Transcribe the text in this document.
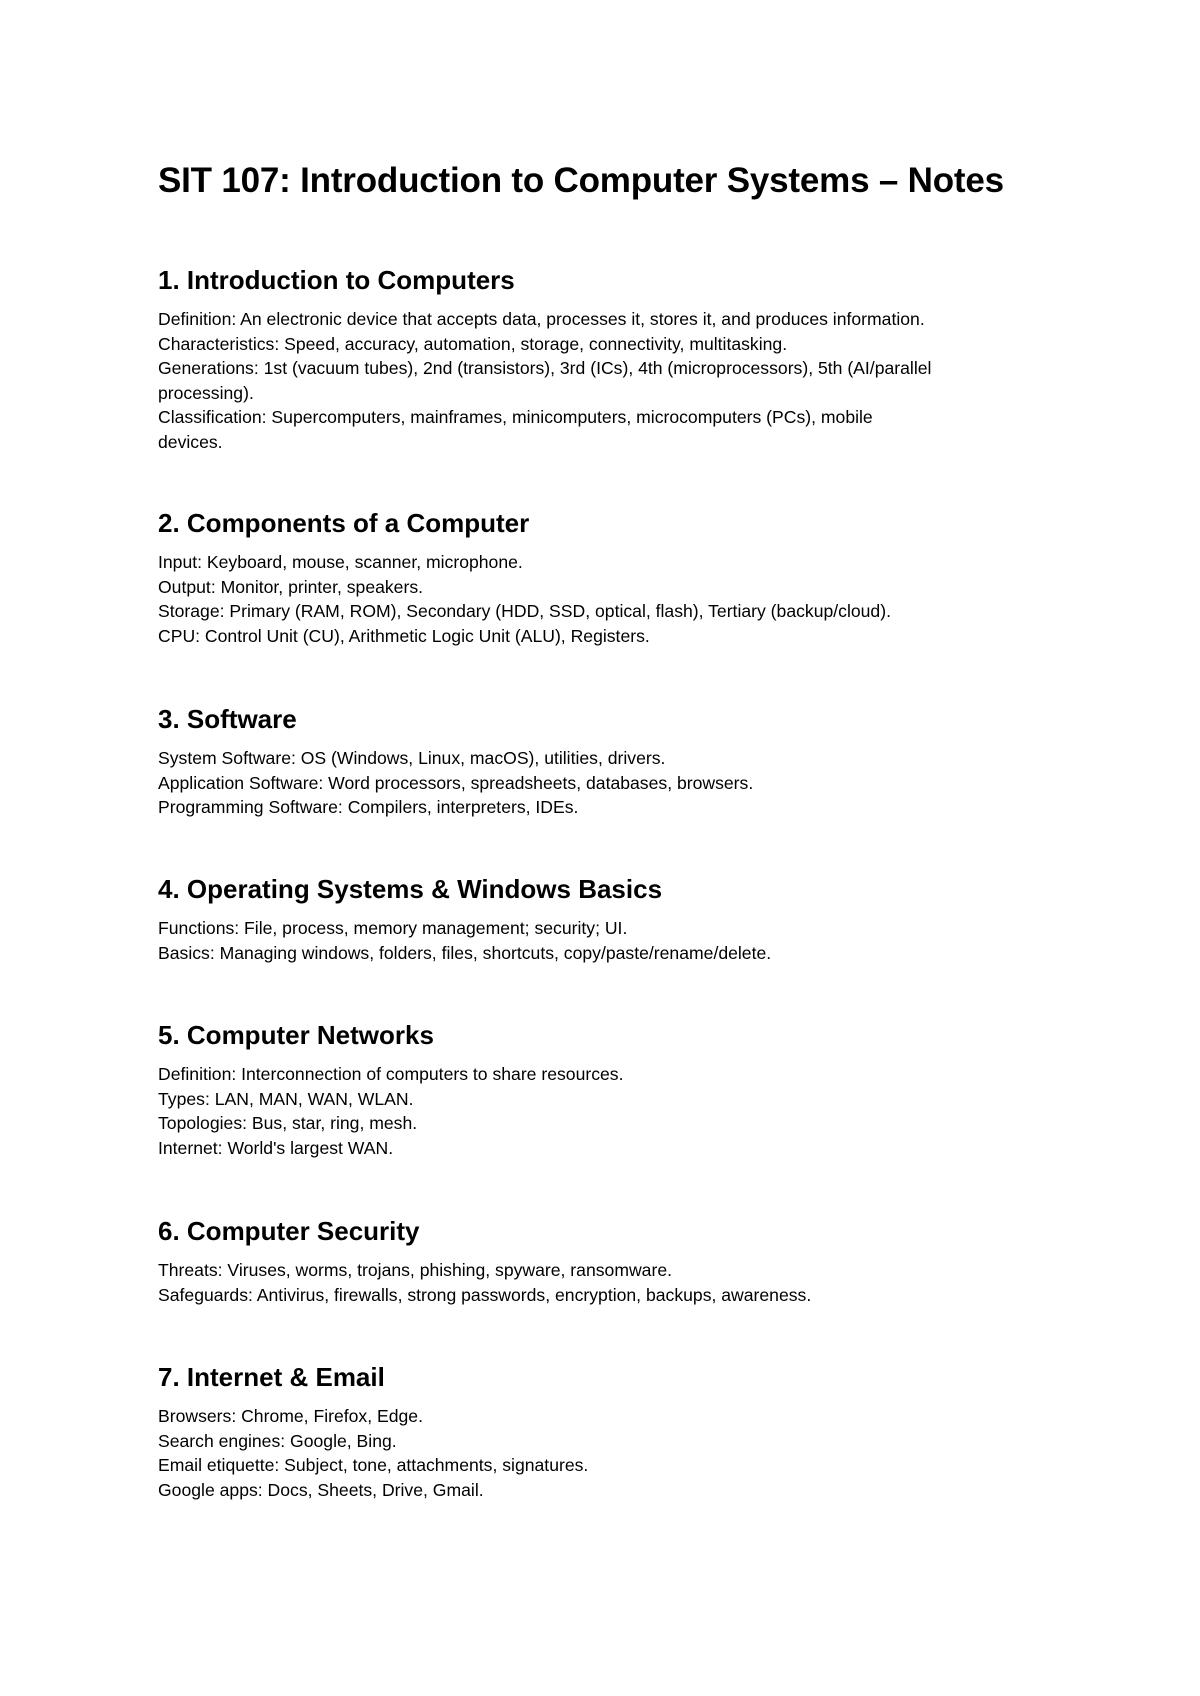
SIT 107: Introduction to Computer Systems – Notes
1. Introduction to Computers
Definition: An electronic device that accepts data, processes it, stores it, and produces information.
Characteristics: Speed, accuracy, automation, storage, connectivity, multitasking.
Generations: 1st (vacuum tubes), 2nd (transistors), 3rd (ICs), 4th (microprocessors), 5th (AI/parallel
processing).
Classification: Supercomputers, mainframes, minicomputers, microcomputers (PCs), mobile
devices.
2. Components of a Computer
Input: Keyboard, mouse, scanner, microphone.
Output: Monitor, printer, speakers.
Storage: Primary (RAM, ROM), Secondary (HDD, SSD, optical, flash), Tertiary (backup/cloud).
CPU: Control Unit (CU), Arithmetic Logic Unit (ALU), Registers.
3. Software
System Software: OS (Windows, Linux, macOS), utilities, drivers.
Application Software: Word processors, spreadsheets, databases, browsers.
Programming Software: Compilers, interpreters, IDEs.
4. Operating Systems & Windows Basics
Functions: File, process, memory management; security; UI.
Basics: Managing windows, folders, files, shortcuts, copy/paste/rename/delete.
5. Computer Networks
Definition: Interconnection of computers to share resources.
Types: LAN, MAN, WAN, WLAN.
Topologies: Bus, star, ring, mesh.
Internet: World's largest WAN.
6. Computer Security
Threats: Viruses, worms, trojans, phishing, spyware, ransomware.
Safeguards: Antivirus, firewalls, strong passwords, encryption, backups, awareness.
7. Internet & Email
Browsers: Chrome, Firefox, Edge.
Search engines: Google, Bing.
Email etiquette: Subject, tone, attachments, signatures.
Google apps: Docs, Sheets, Drive, Gmail.
